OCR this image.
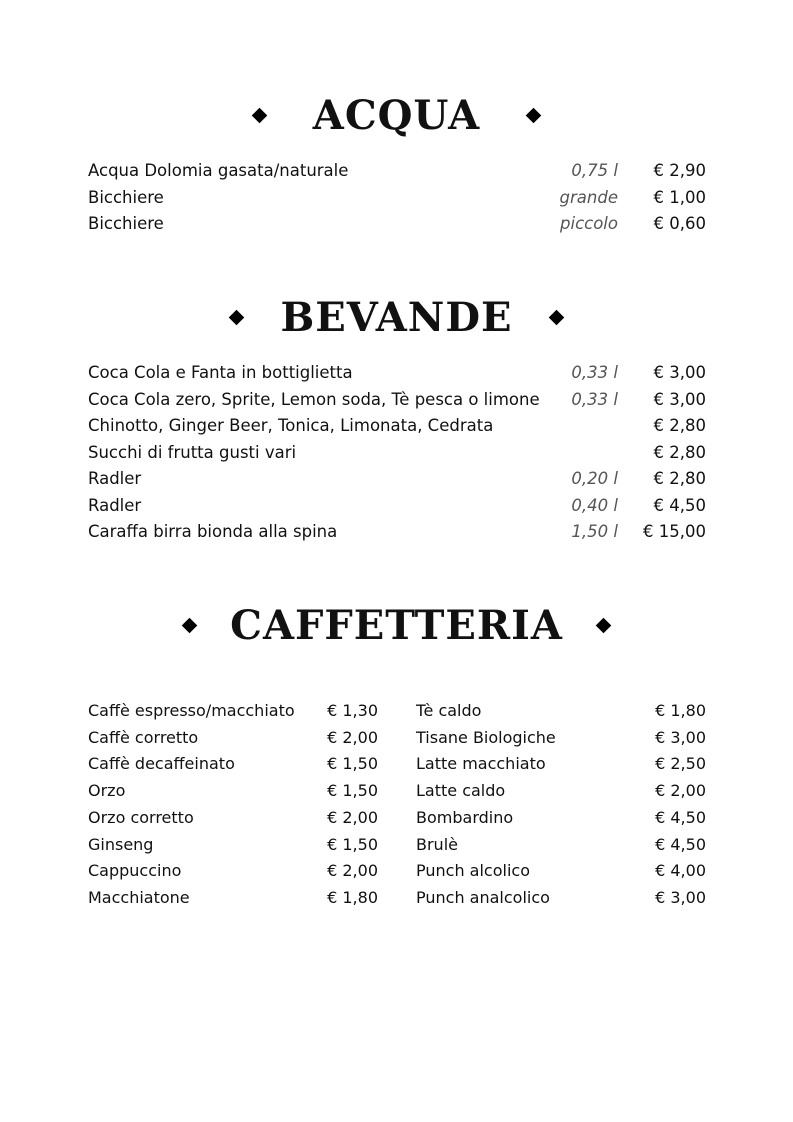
ACQUA
Acqua Dolomia gasata/naturale	0,75 l € 2,90
Bicchiere	grande € 1,00
Bicchiere	piccolo € 0,60
BEVANDE
Coca Cola e Fanta in bottiglietta	0,33 l € 3,00
Coca Cola zero, Sprite, Lemon soda, Tè pesca o limone 0,33 l € 3,00
Chinotto, Ginger Beer, Tonica, Limonata, Cedrata	€ 2,80
Succhi di frutta gusti vari	€ 2,80
Radler	0,20 l € 2,80
Radler	0,40 l € 4,50
Caraffa birra bionda alla spina	1,50 l € 15,00
CAFFETTERIA
Caffè espresso/macchiato € 1,30
Caffè corretto	€ 2,00
Caffè decaffeinato	€ 1,50
Orzo	€ 1,50
Orzo corretto	€ 2,00
Ginseng	€ 1,50
Cappuccino	€ 2,00
Macchiatone	€ 1,80
Tè caldo	€ 1,80
Tisane Biologiche	€ 3,00
Latte macchiato	€ 2,50
Latte caldo	€ 2,00
Bombardino	€ 4,50
Brulè	€ 4,50
Punch alcolico	€ 4,00
Punch analcolico	€ 3,00
